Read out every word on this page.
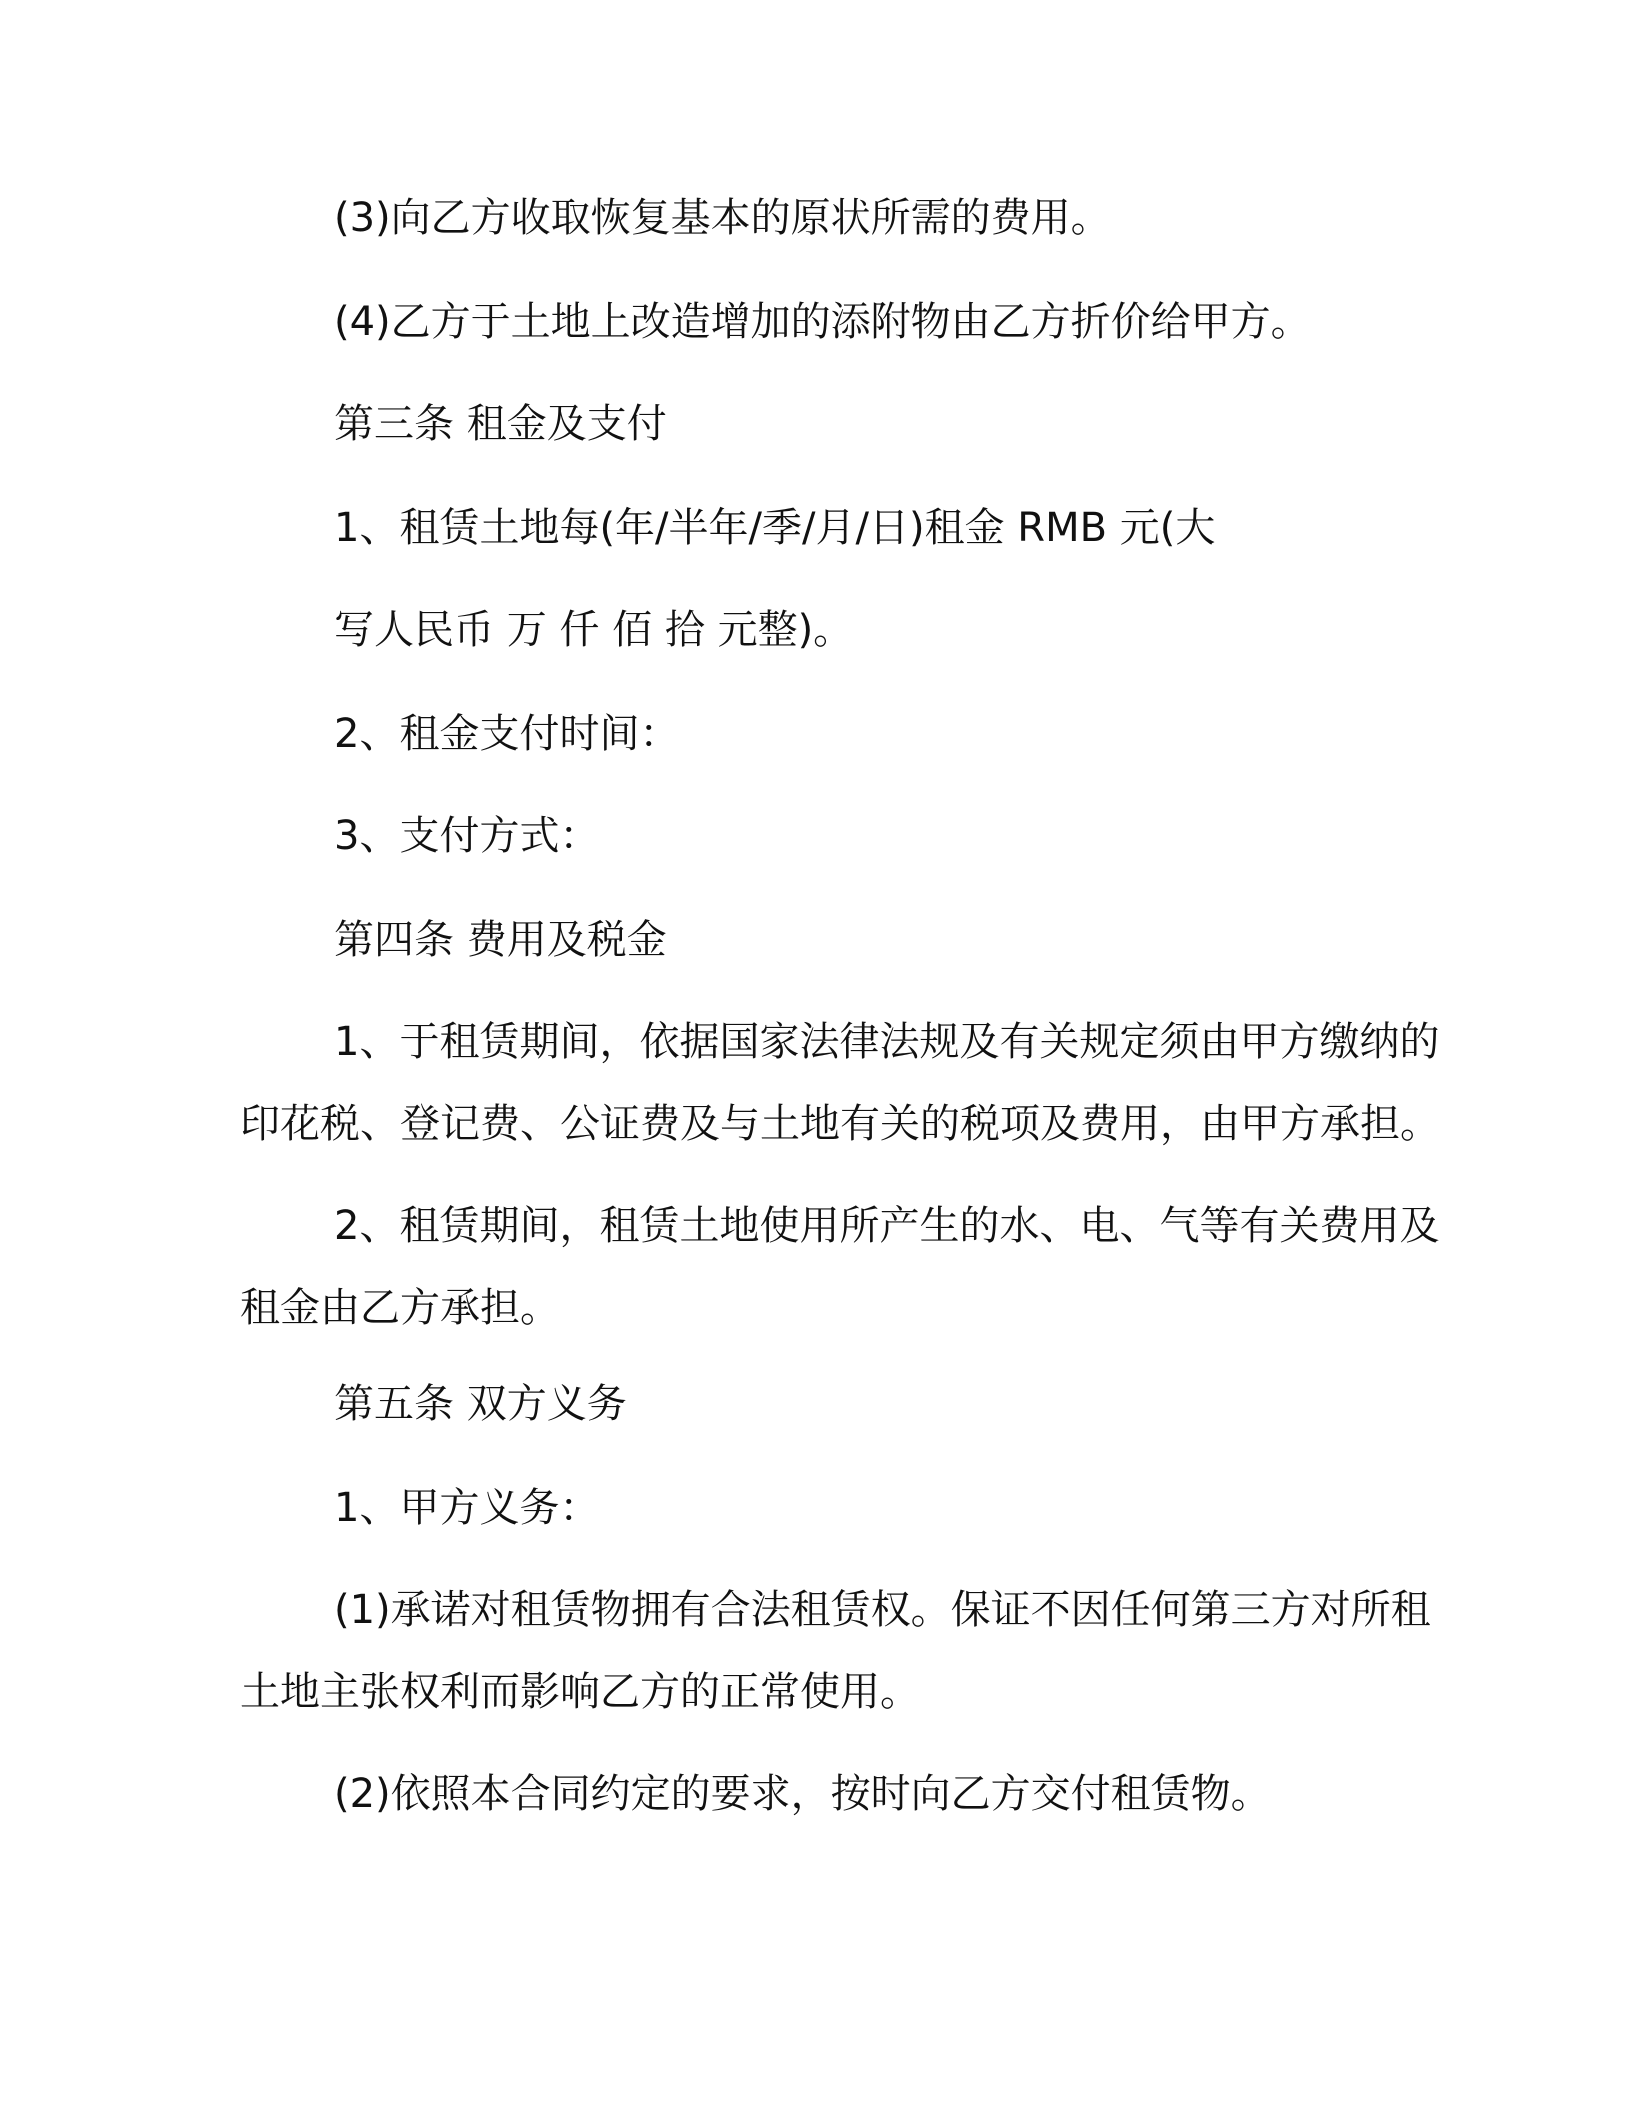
(3)向乙方收取恢复基本的原状所需的费用。
(4)乙方于土地上改造增加的添附物由乙方折价给甲方。
第三条 租金及支付
1、租赁土地每(年/半年/季/月/日)租金 RMB 元(大
写人民币 万 仟 佰 拾 元整)。
2、租金支付时间：
3、支付方式：
第四条 费用及税金
1、于租赁期间，依据国家法律法规及有关规定须由甲方缴纳的
印花税、登记费、公证费及与土地有关的税项及费用，由甲方承担。
2、租赁期间，租赁土地使用所产生的水、电、气等有关费用及
租金由乙方承担。
第五条 双方义务
1、甲方义务：
(1)承诺对租赁物拥有合法租赁权。保证不因任何第三方对所租
土地主张权利而影响乙方的正常使用。
(2)依照本合同约定的要求，按时向乙方交付租赁物。
